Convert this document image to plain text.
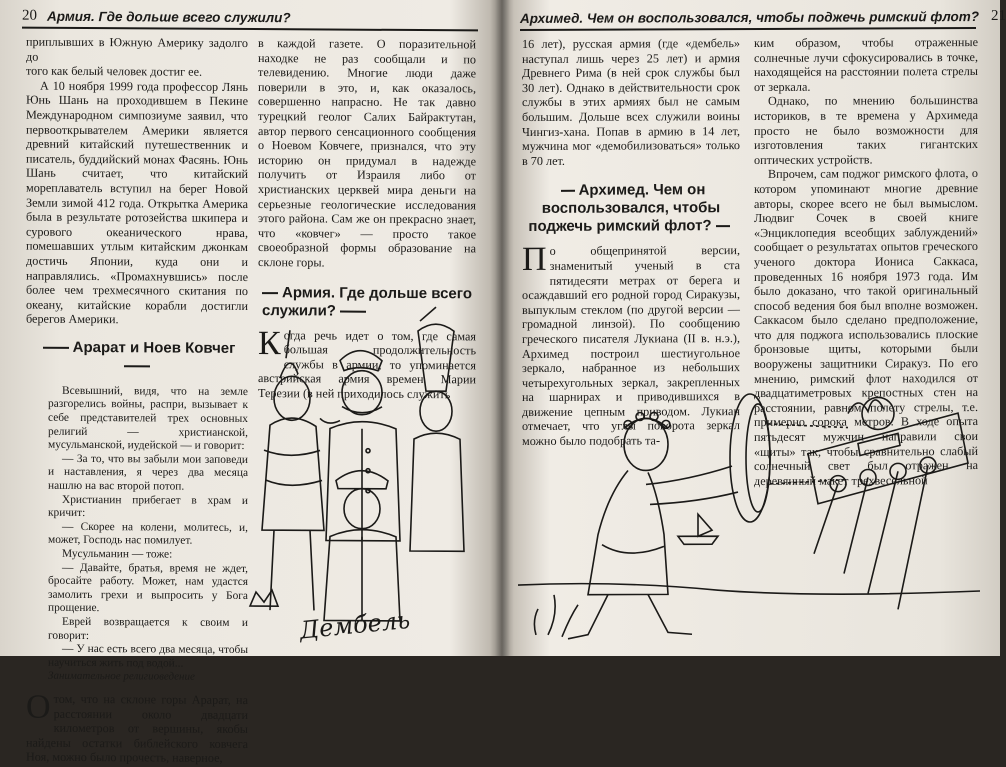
20 Армия. Где дольше всего служили?

приплывших в Южную Америку задолго до

того как белый человек достиг ее.

А 10 ноября 1999 года профессор Лянь Юнь Шань на проходившем в Пекине Международном симпозиуме заявил, что первооткрывателем Америки является древний китайский путешественник и писатель, буддийский монах Фасянь. Юнь Шань считает, что китайский мореплаватель вступил на берег Новой Земли зимой 412 года. Открытка Америка была в результате ротозейства шкипера и сурового океанического нрава, помешавших утлым китайским джонкам достичь Японии, куда они и направлялись. «Промахнувшись» после более чем трехмесячного скитания по океану, китайские корабли достигли берегов Америки.

Арарат и Ноев Ковчег

Всевышний, видя, что на земле разгорелись войны, распри, вызывает к себе представителей трех основных религий — христианской, мусульманской, иудейской — и говорит:

— За то, что вы забыли мои заповеди и наставления, я через два месяца нашлю на вас второй потоп.

Христианин прибегает в храм и кричит:

— Скорее на колени, молитесь, и, может, Господь нас помилует.

Мусульманин — тоже:

— Давайте, братья, время не ждет, бросайте работу. Может, нам удастся замолить грехи и выпросить у Бога прощение.

Еврей возвращается к своим и говорит:

— У нас есть всего два месяца, чтобы научиться жить под водой...

Занимательное религиоведение

Отом, что на склоне горы Арарат, на расстоянии около двадцати километров от вершины, якобы найдены остатки библейского ковчега Ноя, можно было прочесть, наверное,

в каждой газете. О поразительной находке не раз сообщали и по телевидению. Многие люди даже поверили в это, и, как оказалось, совершенно напрасно. Не так давно турецкий геолог Салих Байрактутан, автор первого сенсационного сообщения о Ноевом Ковчеге, признался, что эту историю он придумал в надежде получить от Израиля либо от христианских церквей мира деньги на серьезные геологические исследования этого района. Сам же он прекрасно знает, что «ковчег» — просто такое своеобразной формы образование на склоне горы.

Армия. Где дольше всего служили?

Когда речь идет о том, где самая большая продолжительность службы в армии, то упоминается австрийская армия времен Марии Терезии (в ней приходилось служить

Дембель
Архимед. Чем он воспользовался, чтобы поджечь римский флот? 21

16 лет), русская армия (где «дембель» наступал лишь через 25 лет) и армия Древнего Рима (в ней срок службы был 30 лет). Однако в действительности срок службы в этих армиях был не самым большим. Дольше всех служили воины Чингиз-хана. Попав в армию в 14 лет, мужчина мог «демобилизоваться» только в 70 лет.

Архимед. Чем он воспользовался, чтобы поджечь римский флот?

По общепринятой версии, знаменитый ученый в ста пятидесяти метрах от берега и осаждавший его родной город Сиракузы, выпуклым стеклом (по другой версии — громадной линзой). По сообщению греческого писателя Лукиана (II в. н.э.), Архимед построил шестиугольное зеркало, набранное из небольших четырехугольных зеркал, закрепленных на шарнирах и приводившихся в движение цепным приводом. Лукиан отмечает, что углы поворота зеркал можно было подобрать та-

ким образом, чтобы отраженные солнечные лучи сфокусировались в точке, находящейся на расстоянии полета стрелы от зеркала.

Однако, по мнению большинства историков, в те времена у Архимеда просто не было возможности для изготовления таких гигантских оптических устройств.

Впрочем, сам поджог римского флота, о котором упоминают многие древние авторы, скорее всего не был вымыслом. Людвиг Сочек в своей книге «Энциклопедия всеобщих заблуждений» сообщает о результатах опытов греческого ученого доктора Иониса Саккаса, проведенных 16 ноября 1973 года. Им было доказано, что такой оригинальный способ ведения боя был вполне возможен. Саккасом было сделано предположение, что для поджога использовались плоские бронзовые щиты, которыми были вооружены защитники Сиракуз. По его мнению, римский флот находился от двадцатиметровых крепостных стен на расстоянии, равном полету стрелы, т.е. примерно сорока метров. В ходе опыта пятьдесят мужчин направили свои «щиты» так, чтобы сравнительно слабый солнечный свет был отражен на деревянный макет трехвесельной
